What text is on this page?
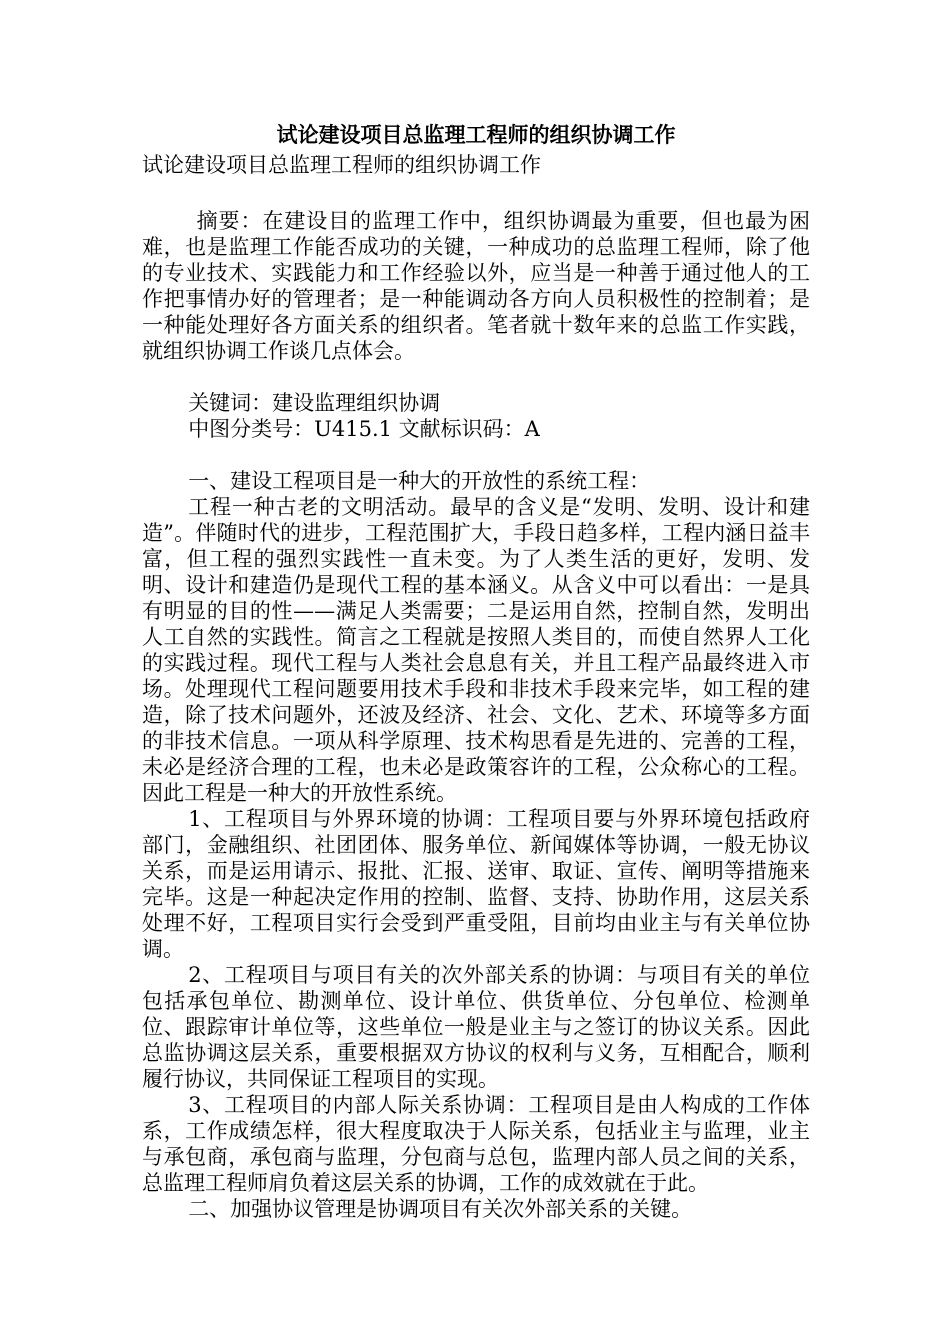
试论建设项目总监理工程师的组织协调工作

试论建设项目总监理工程师的组织协调工作

摘要：在建设目的监理工作中，组织协调最为重要，但也最为困难，也是监理工作能否成功的关键，一种成功的总监理工程师，除了他的专业技术、实践能力和工作经验以外，应当是一种善于通过他人的工作把事情办好的管理者；是一种能调动各方向人员积极性的控制着；是一种能处理好各方面关系的组织者。笔者就十数年来的总监工作实践，就组织协调工作谈几点体会。

关键词：建设监理组织协调

中图分类号：U415.1 文献标识码：A

一、建设工程项目是一种大的开放性的系统工程：

工程一种古老的文明活动。最早的含义是“发明、发明、设计和建造”。伴随时代的进步，工程范围扩大，手段日趋多样，工程内涵日益丰富，但工程的强烈实践性一直未变。为了人类生活的更好，发明、发明、设计和建造仍是现代工程的基本涵义。从含义中可以看出：一是具有明显的目的性——满足人类需要；二是运用自然，控制自然，发明出人工自然的实践性。简言之工程就是按照人类目的，而使自然界人工化的实践过程。现代工程与人类社会息息有关，并且工程产品最终进入市场。处理现代工程问题要用技术手段和非技术手段来完毕，如工程的建造，除了技术问题外，还波及经济、社会、文化、艺术、环境等多方面的非技术信息。一项从科学原理、技术构思看是先进的、完善的工程，未必是经济合理的工程，也未必是政策容许的工程，公众称心的工程。因此工程是一种大的开放性系统。

1、工程项目与外界环境的协调：工程项目要与外界环境包括政府部门，金融组织、社团团体、服务单位、新闻媒体等协调，一般无协议关系，而是运用请示、报批、汇报、送审、取证、宣传、阐明等措施来完毕。这是一种起决定作用的控制、监督、支持、协助作用，这层关系处理不好，工程项目实行会受到严重受阻，目前均由业主与有关单位协调。

2、工程项目与项目有关的次外部关系的协调：与项目有关的单位包括承包单位、勘测单位、设计单位、供货单位、分包单位、检测单位、跟踪审计单位等，这些单位一般是业主与之签订的协议关系。因此总监协调这层关系，重要根据双方协议的权利与义务，互相配合，顺利履行协议，共同保证工程项目的实现。

3、工程项目的内部人际关系协调：工程项目是由人构成的工作体系，工作成绩怎样，很大程度取决于人际关系，包括业主与监理，业主与承包商，承包商与监理，分包商与总包，监理内部人员之间的关系，总监理工程师肩负着这层关系的协调，工作的成效就在于此。

二、加强协议管理是协调项目有关次外部关系的关键。
